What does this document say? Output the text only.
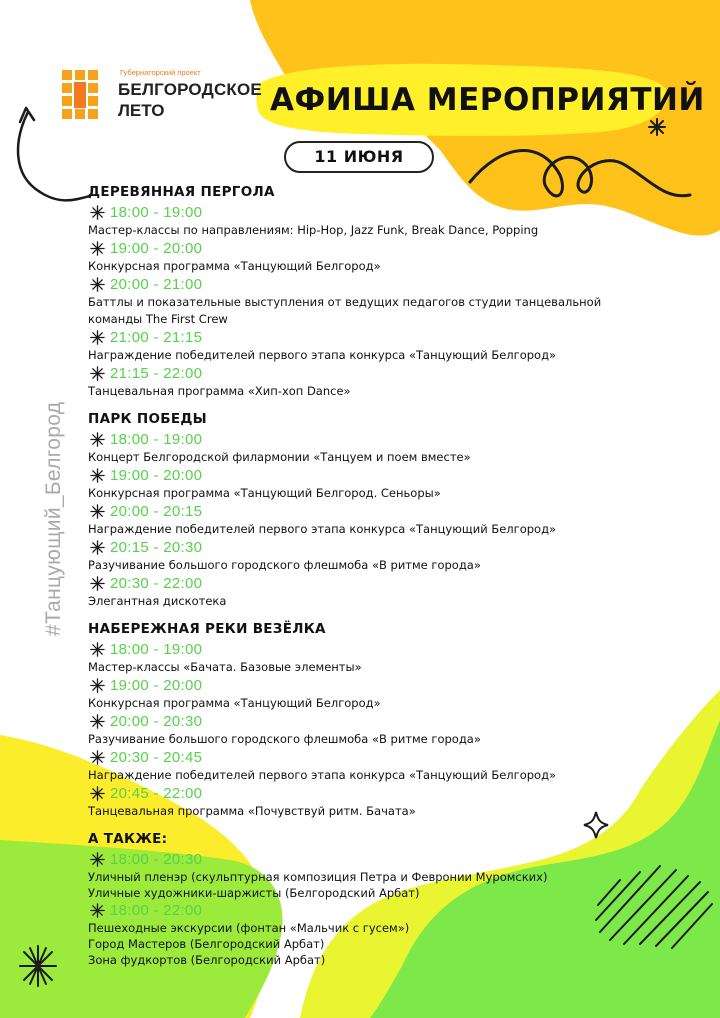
Губернаторский проект
БЕЛГОРОДСКОЕ
ЛЕТО	АФИША МЕРОПРИЯТИЙ
11 ИЮНЯ
#Танцующий_Белгород
ДЕРЕВЯННАЯ ПЕРГОЛА
18:00 - 19:00
Мастер-классы по направлениям: Hip-Hop, Jazz Funk, Break Dance, Popping
19:00 - 20:00
Конкурсная программа «Танцующий Белгород»
20:00 - 21:00
Баттлы и показательные выступления от ведущих педагогов студии танцевальной
команды The First Crew
21:00 - 21:15
Награждение победителей первого этапа конкурса «Танцующий Белгород»
21:15 - 22:00
Танцевальная программа «Хип-хоп Dance»
ПАРК ПОБЕДЫ
18:00 - 19:00
Концерт Белгородской филармонии «Танцуем и поем вместе»
19:00 - 20:00
Конкурсная программа «Танцующий Белгород. Сеньоры»
20:00 - 20:15
Награждение победителей первого этапа конкурса «Танцующий Белгород»
20:15 - 20:30
Разучивание большого городского флешмоба «В ритме города»
20:30 - 22:00
Элегантная дискотека
НАБЕРЕЖНАЯ РЕКИ ВЕЗЁЛКА
18:00 - 19:00
Мастер-классы «Бачата. Базовые элементы»
19:00 - 20:00
Конкурсная программа «Танцующий Белгород»
20:00 - 20:30
Разучивание большого городского флешмоба «В ритме города»
20:30 - 20:45
Награждение победителей первого этапа конкурса «Танцующий Белгород»
20:45 - 22:00
Танцевальная программа «Почувствуй ритм. Бачата»
А ТАКЖЕ:
18:00 - 20:30
Уличный пленэр (скульптурная композиция Петра и Февронии Муромских)
Уличные художники-шаржисты (Белгородский Арбат)
18:00 - 22:00
Пешеходные экскурсии (фонтан «Мальчик с гусем»)
Город Мастеров (Белгородский Арбат)
Зона фудкортов (Белгородский Арбат)
